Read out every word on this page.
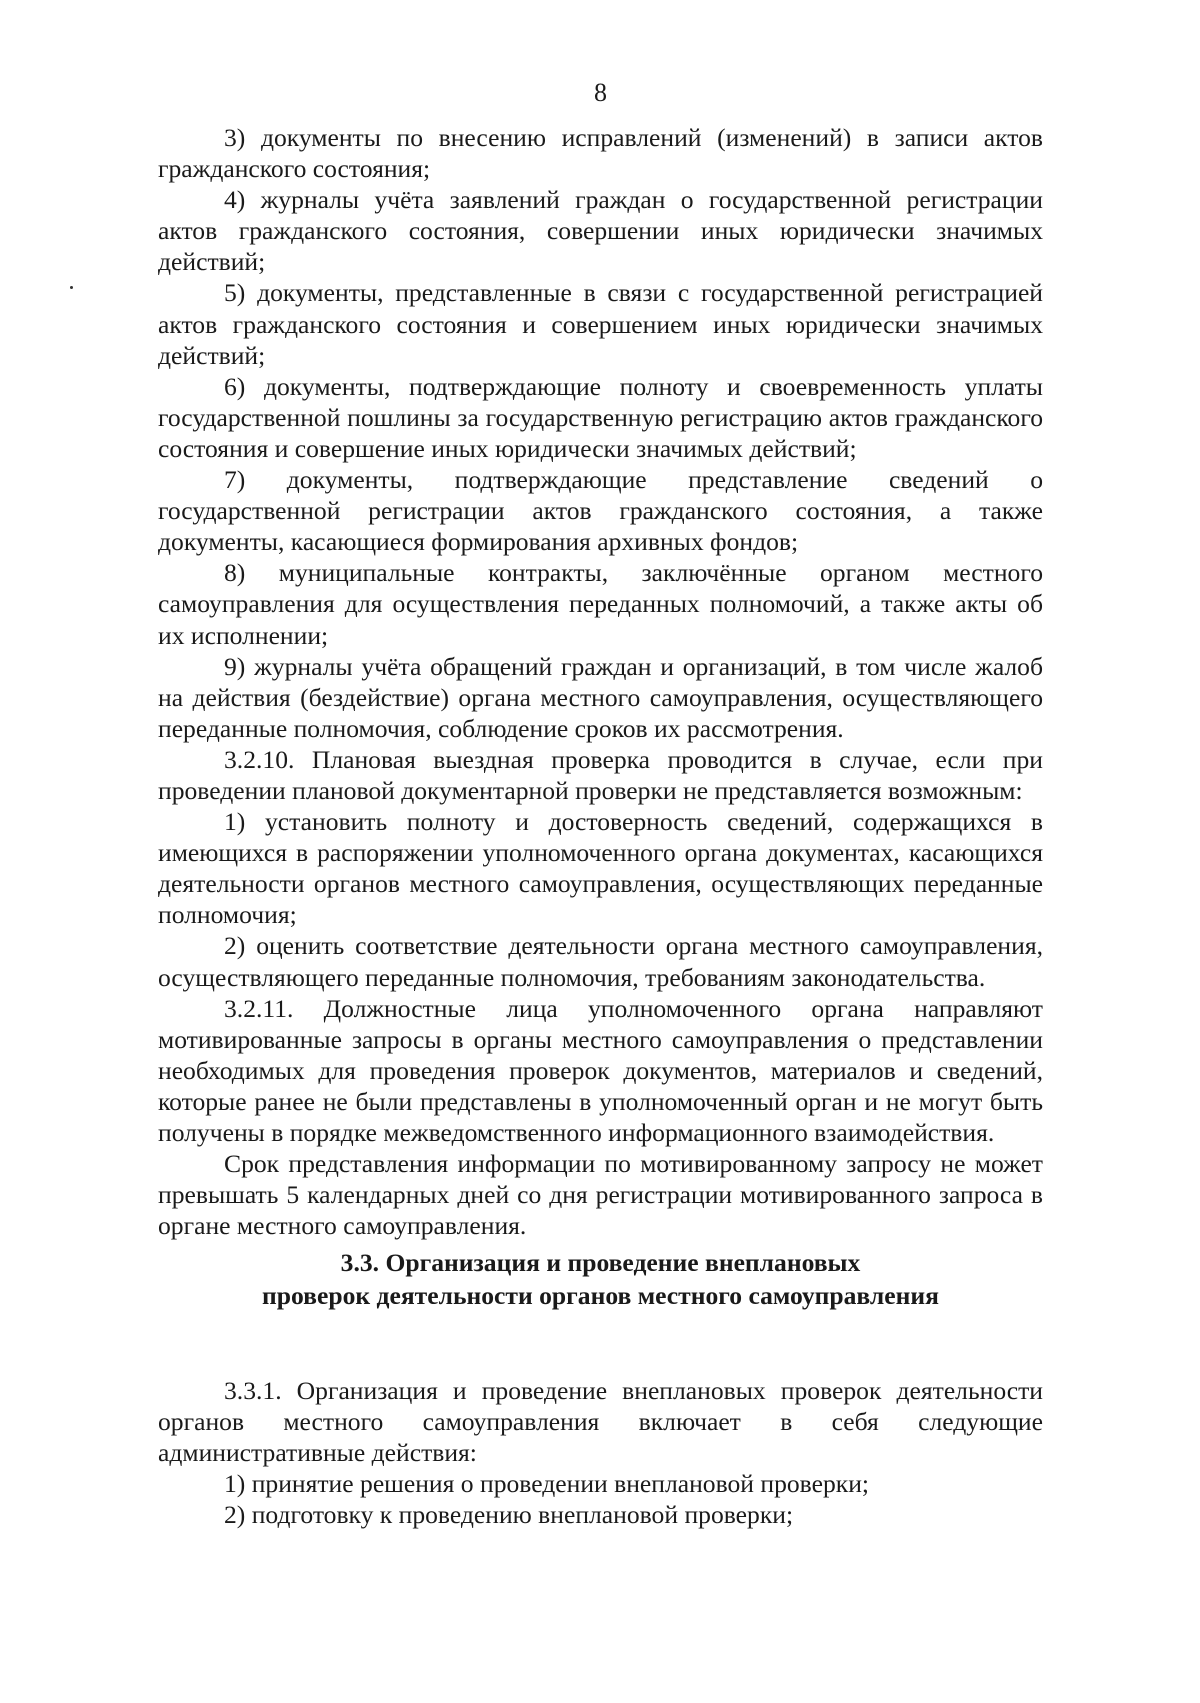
8

3) документы по внесению исправлений (изменений) в записи актов гражданского состояния;

4) журналы учёта заявлений граждан о государственной регистрации актов гражданского состояния, совершении иных юридически значимых действий;

5) документы, представленные в связи с государственной регистрацией актов гражданского состояния и совершением иных юридически значимых действий;

6) документы, подтверждающие полноту и своевременность уплаты государственной пошлины за государственную регистрацию актов гражданского состояния и совершение иных юридически значимых действий;

7) документы, подтверждающие представление сведений о государственной регистрации актов гражданского состояния, а также документы, касающиеся формирования архивных фондов;

8) муниципальные контракты, заключённые органом местного самоуправления для осуществления переданных полномочий, а также акты об их исполнении;

9) журналы учёта обращений граждан и организаций, в том числе жалоб на действия (бездействие) органа местного самоуправления, осуществляющего переданные полномочия, соблюдение сроков их рассмотрения.

3.2.10. Плановая выездная проверка проводится в случае, если при проведении плановой документарной проверки не представляется возможным:

1) установить полноту и достоверность сведений, содержащихся в имеющихся в распоряжении уполномоченного органа документах, касающихся деятельности органов местного самоуправления, осуществляющих переданные полномочия;

2) оценить соответствие деятельности органа местного самоуправления, осуществляющего переданные полномочия, требованиям законодательства.

3.2.11. Должностные лица уполномоченного органа направляют мотивированные запросы в органы местного самоуправления о представлении необходимых для проведения проверок документов, материалов и сведений, которые ранее не были представлены в уполномоченный орган и не могут быть получены в порядке межведомственного информационного взаимодействия.

Срок представления информации по мотивированному запросу не может превышать 5 календарных дней со дня регистрации мотивированного запроса в органе местного самоуправления.

3.3. Организация и проведение внеплановых
проверок деятельности органов местного самоуправления

3.3.1. Организация и проведение внеплановых проверок деятельности органов местного самоуправления включает в себя следующие административные действия:

1) принятие решения о проведении внеплановой проверки;

2) подготовку к проведению внеплановой проверки;
